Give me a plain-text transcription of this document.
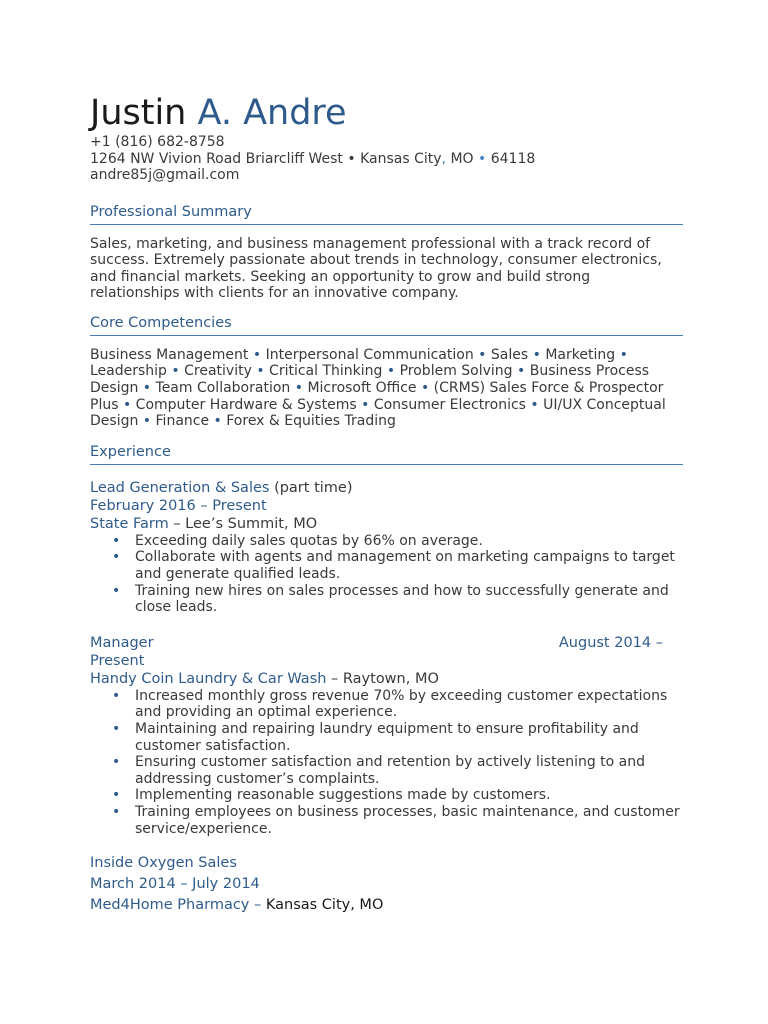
Justin A. Andre
+1 (816) 682-8758
1264 NW Vivion Road Briarcliff West • Kansas City, MO • 64118
andre85j@gmail.com
Professional Summary
Sales, marketing, and business management professional with a track record of success. Extremely passionate about trends in technology, consumer electronics, and financial markets. Seeking an opportunity to grow and build strong relationships with clients for an innovative company.
Core Competencies
Business Management • Interpersonal Communication • Sales • Marketing • Leadership • Creativity • Critical Thinking • Problem Solving • Business Process Design • Team Collaboration • Microsoft Office • (CRMS) Sales Force & Prospector Plus • Computer Hardware & Systems • Consumer Electronics • UI/UX Conceptual Design • Finance • Forex & Equities Trading
Experience
Lead Generation & Sales (part time)
February 2016 – Present
State Farm – Lee’s Summit, MO
• Exceeding daily sales quotas by 66% on average.
• Collaborate with agents and management on marketing campaigns to target and generate qualified leads.
• Training new hires on sales processes and how to successfully generate and close leads.
Manager	August 2014 –
Present
Handy Coin Laundry & Car Wash – Raytown, MO
• Increased monthly gross revenue 70% by exceeding customer expectations and providing an optimal experience.
• Maintaining and repairing laundry equipment to ensure profitability and customer satisfaction.
• Ensuring customer satisfaction and retention by actively listening to and addressing customer’s complaints.
• Implementing reasonable suggestions made by customers.
• Training employees on business processes, basic maintenance, and customer service/experience.
Inside Oxygen Sales
March 2014 – July 2014
Med4Home Pharmacy – Kansas City, MO
